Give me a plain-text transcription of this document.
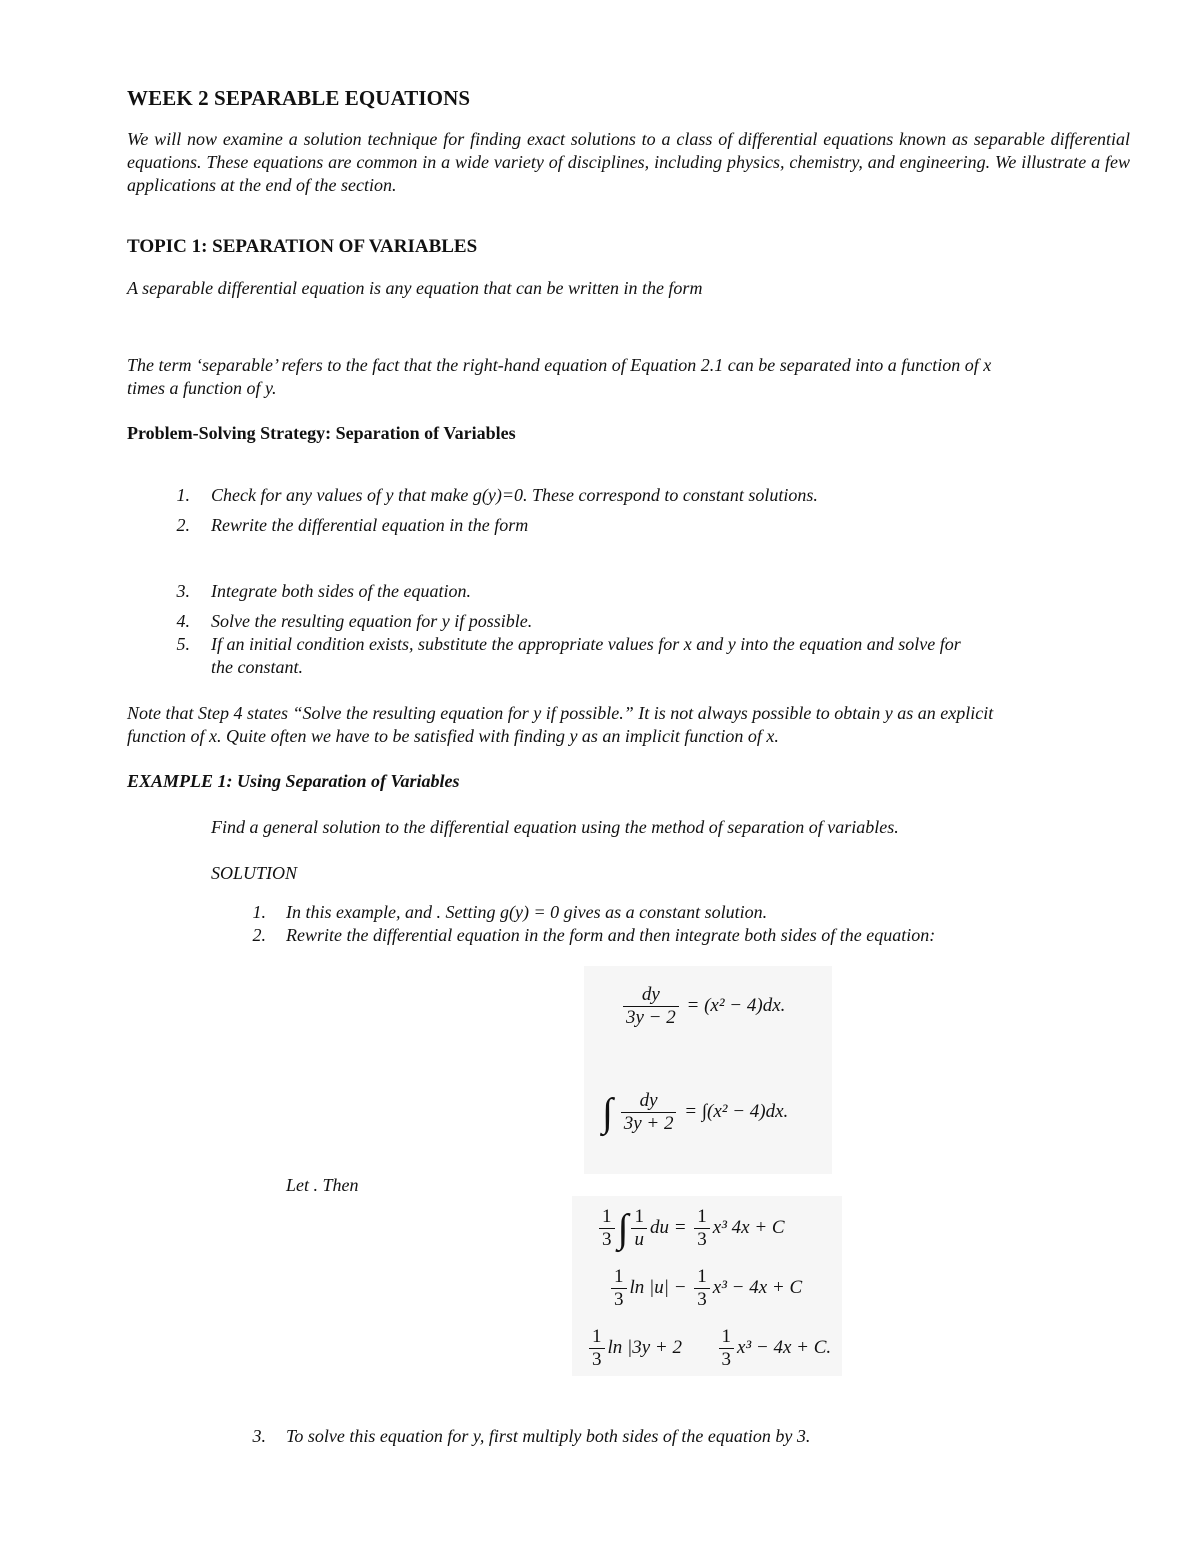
WEEK 2 SEPARABLE EQUATIONS
We will now examine a solution technique for finding exact solutions to a class of differential equations known as separable differential equations. These equations are common in a wide variety of disciplines, including physics, chemistry, and engineering. We illustrate a few applications at the end of the section.
TOPIC 1: SEPARATION OF VARIABLES
A separable differential equation is any equation that can be written in the form
The term ‘separable’ refers to the fact that the right-hand equation of Equation 2.1 can be separated into a function of x
times a function of y.
Problem-Solving Strategy: Separation of Variables
1. Check for any values of y that make g(y)=0. These correspond to constant solutions.
2. Rewrite the differential equation in the form
3. Integrate both sides of the equation.
4. Solve the resulting equation for y if possible.
5. If an initial condition exists, substitute the appropriate values for x and y into the equation and solve for
the constant.
Note that Step 4 states “Solve the resulting equation for y if possible.” It is not always possible to obtain y as an explicit
function of x. Quite often we have to be satisfied with finding y as an implicit function of x.
EXAMPLE 1: Using Separation of Variables
Find a general solution to the differential equation using the method of separation of variables.
SOLUTION
1. In this example, and . Setting g(y) = 0 gives as a constant solution.
2. Rewrite the differential equation in the form and then integrate both sides of the equation:
$\frac{dy}{3y - 2} = (x^2 - 4)dx$.
∫ $\frac{dy}{3y + 2} = \int(x^2 - 4)dx$.
Let . Then
$\frac{1}{3}$ ∫ $\frac{1}{u}$ du = $\frac{1}{3} x^3$ 4x + C
$\frac{1}{3}$ $\ln |u| - \frac{1}{3} x^3 - 4x + C$
$\frac{1}{3}$ $\ln |3y + 2 \frac{1}{3} x^3 - 4x + C$.
3. To solve this equation for y, first multiply both sides of the equation by 3.
